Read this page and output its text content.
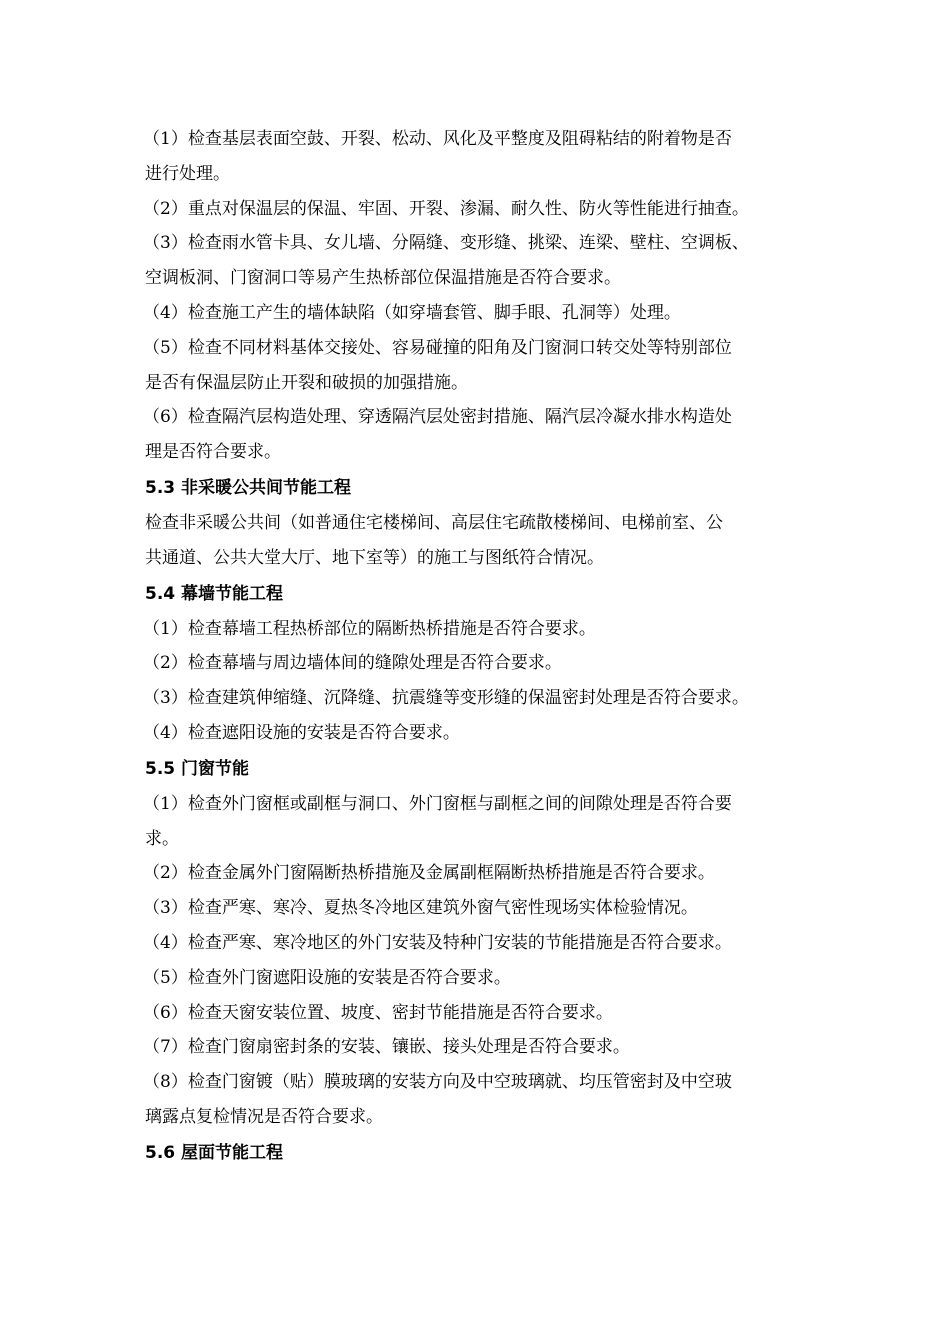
（1）检查基层表面空鼓、开裂、松动、风化及平整度及阻碍粘结的附着物是否
进行处理。
（2）重点对保温层的保温、牢固、开裂、渗漏、耐久性、防火等性能进行抽查。
（3）检查雨水管卡具、女儿墙、分隔缝、变形缝、挑梁、连梁、壁柱、空调板、
空调板洞、门窗洞口等易产生热桥部位保温措施是否符合要求。
（4）检查施工产生的墙体缺陷（如穿墙套管、脚手眼、孔洞等）处理。
（5）检查不同材料基体交接处、容易碰撞的阳角及门窗洞口转交处等特别部位
是否有保温层防止开裂和破损的加强措施。
（6）检查隔汽层构造处理、穿透隔汽层处密封措施、隔汽层冷凝水排水构造处
理是否符合要求。
5.3 非采暖公共间节能工程
检查非采暖公共间（如普通住宅楼梯间、高层住宅疏散楼梯间、电梯前室、公
共通道、公共大堂大厅、地下室等）的施工与图纸符合情况。
5.4 幕墙节能工程
（1）检查幕墙工程热桥部位的隔断热桥措施是否符合要求。
（2）检查幕墙与周边墙体间的缝隙处理是否符合要求。
（3）检查建筑伸缩缝、沉降缝、抗震缝等变形缝的保温密封处理是否符合要求。
（4）检查遮阳设施的安装是否符合要求。
5.5 门窗节能
（1）检查外门窗框或副框与洞口、外门窗框与副框之间的间隙处理是否符合要
求。
（2）检查金属外门窗隔断热桥措施及金属副框隔断热桥措施是否符合要求。
（3）检查严寒、寒冷、夏热冬冷地区建筑外窗气密性现场实体检验情况。
（4）检查严寒、寒冷地区的外门安装及特种门安装的节能措施是否符合要求。
（5）检查外门窗遮阳设施的安装是否符合要求。
（6）检查天窗安装位置、坡度、密封节能措施是否符合要求。
（7）检查门窗扇密封条的安装、镶嵌、接头处理是否符合要求。
（8）检查门窗镀（贴）膜玻璃的安装方向及中空玻璃就、均压管密封及中空玻
璃露点复检情况是否符合要求。
5.6 屋面节能工程
